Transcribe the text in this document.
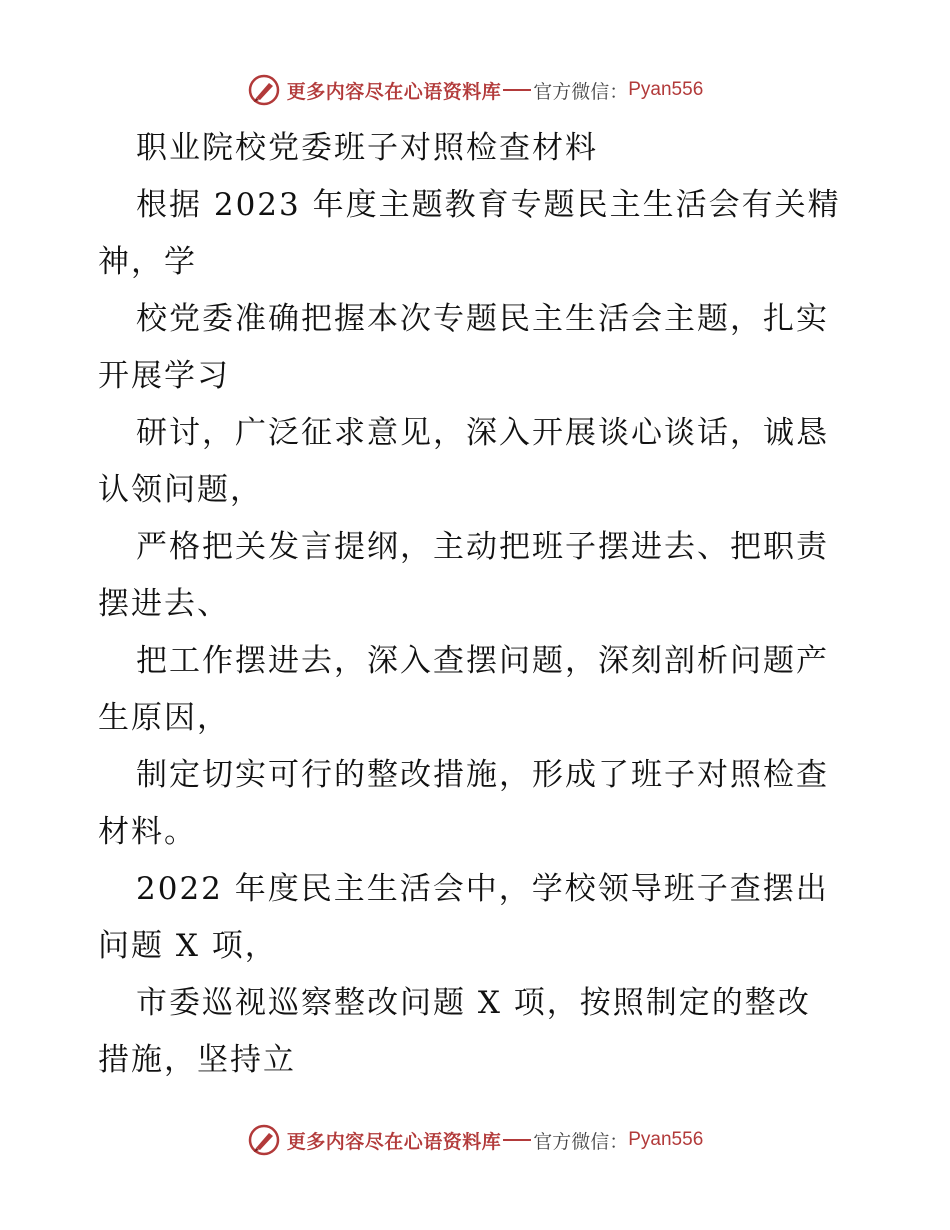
更多内容尽在心语资料库 官方微信： Pyan556
职业院校党委班子对照检查材料
根据 2023 年度主题教育专题民主生活会有关精
神，学
校党委准确把握本次专题民主生活会主题，扎实
开展学习
研讨，广泛征求意见，深入开展谈心谈话，诚恳
认领问题，
严格把关发言提纲，主动把班子摆进去、把职责
摆进去、
把工作摆进去，深入查摆问题，深刻剖析问题产
生原因，
制定切实可行的整改措施，形成了班子对照检查
材料。
2022 年度民主生活会中，学校领导班子查摆出
问题 X 项，
市委巡视巡察整改问题 X 项，按照制定的整改
措施，坚持立
更多内容尽在心语资料库 官方微信： Pyan556
